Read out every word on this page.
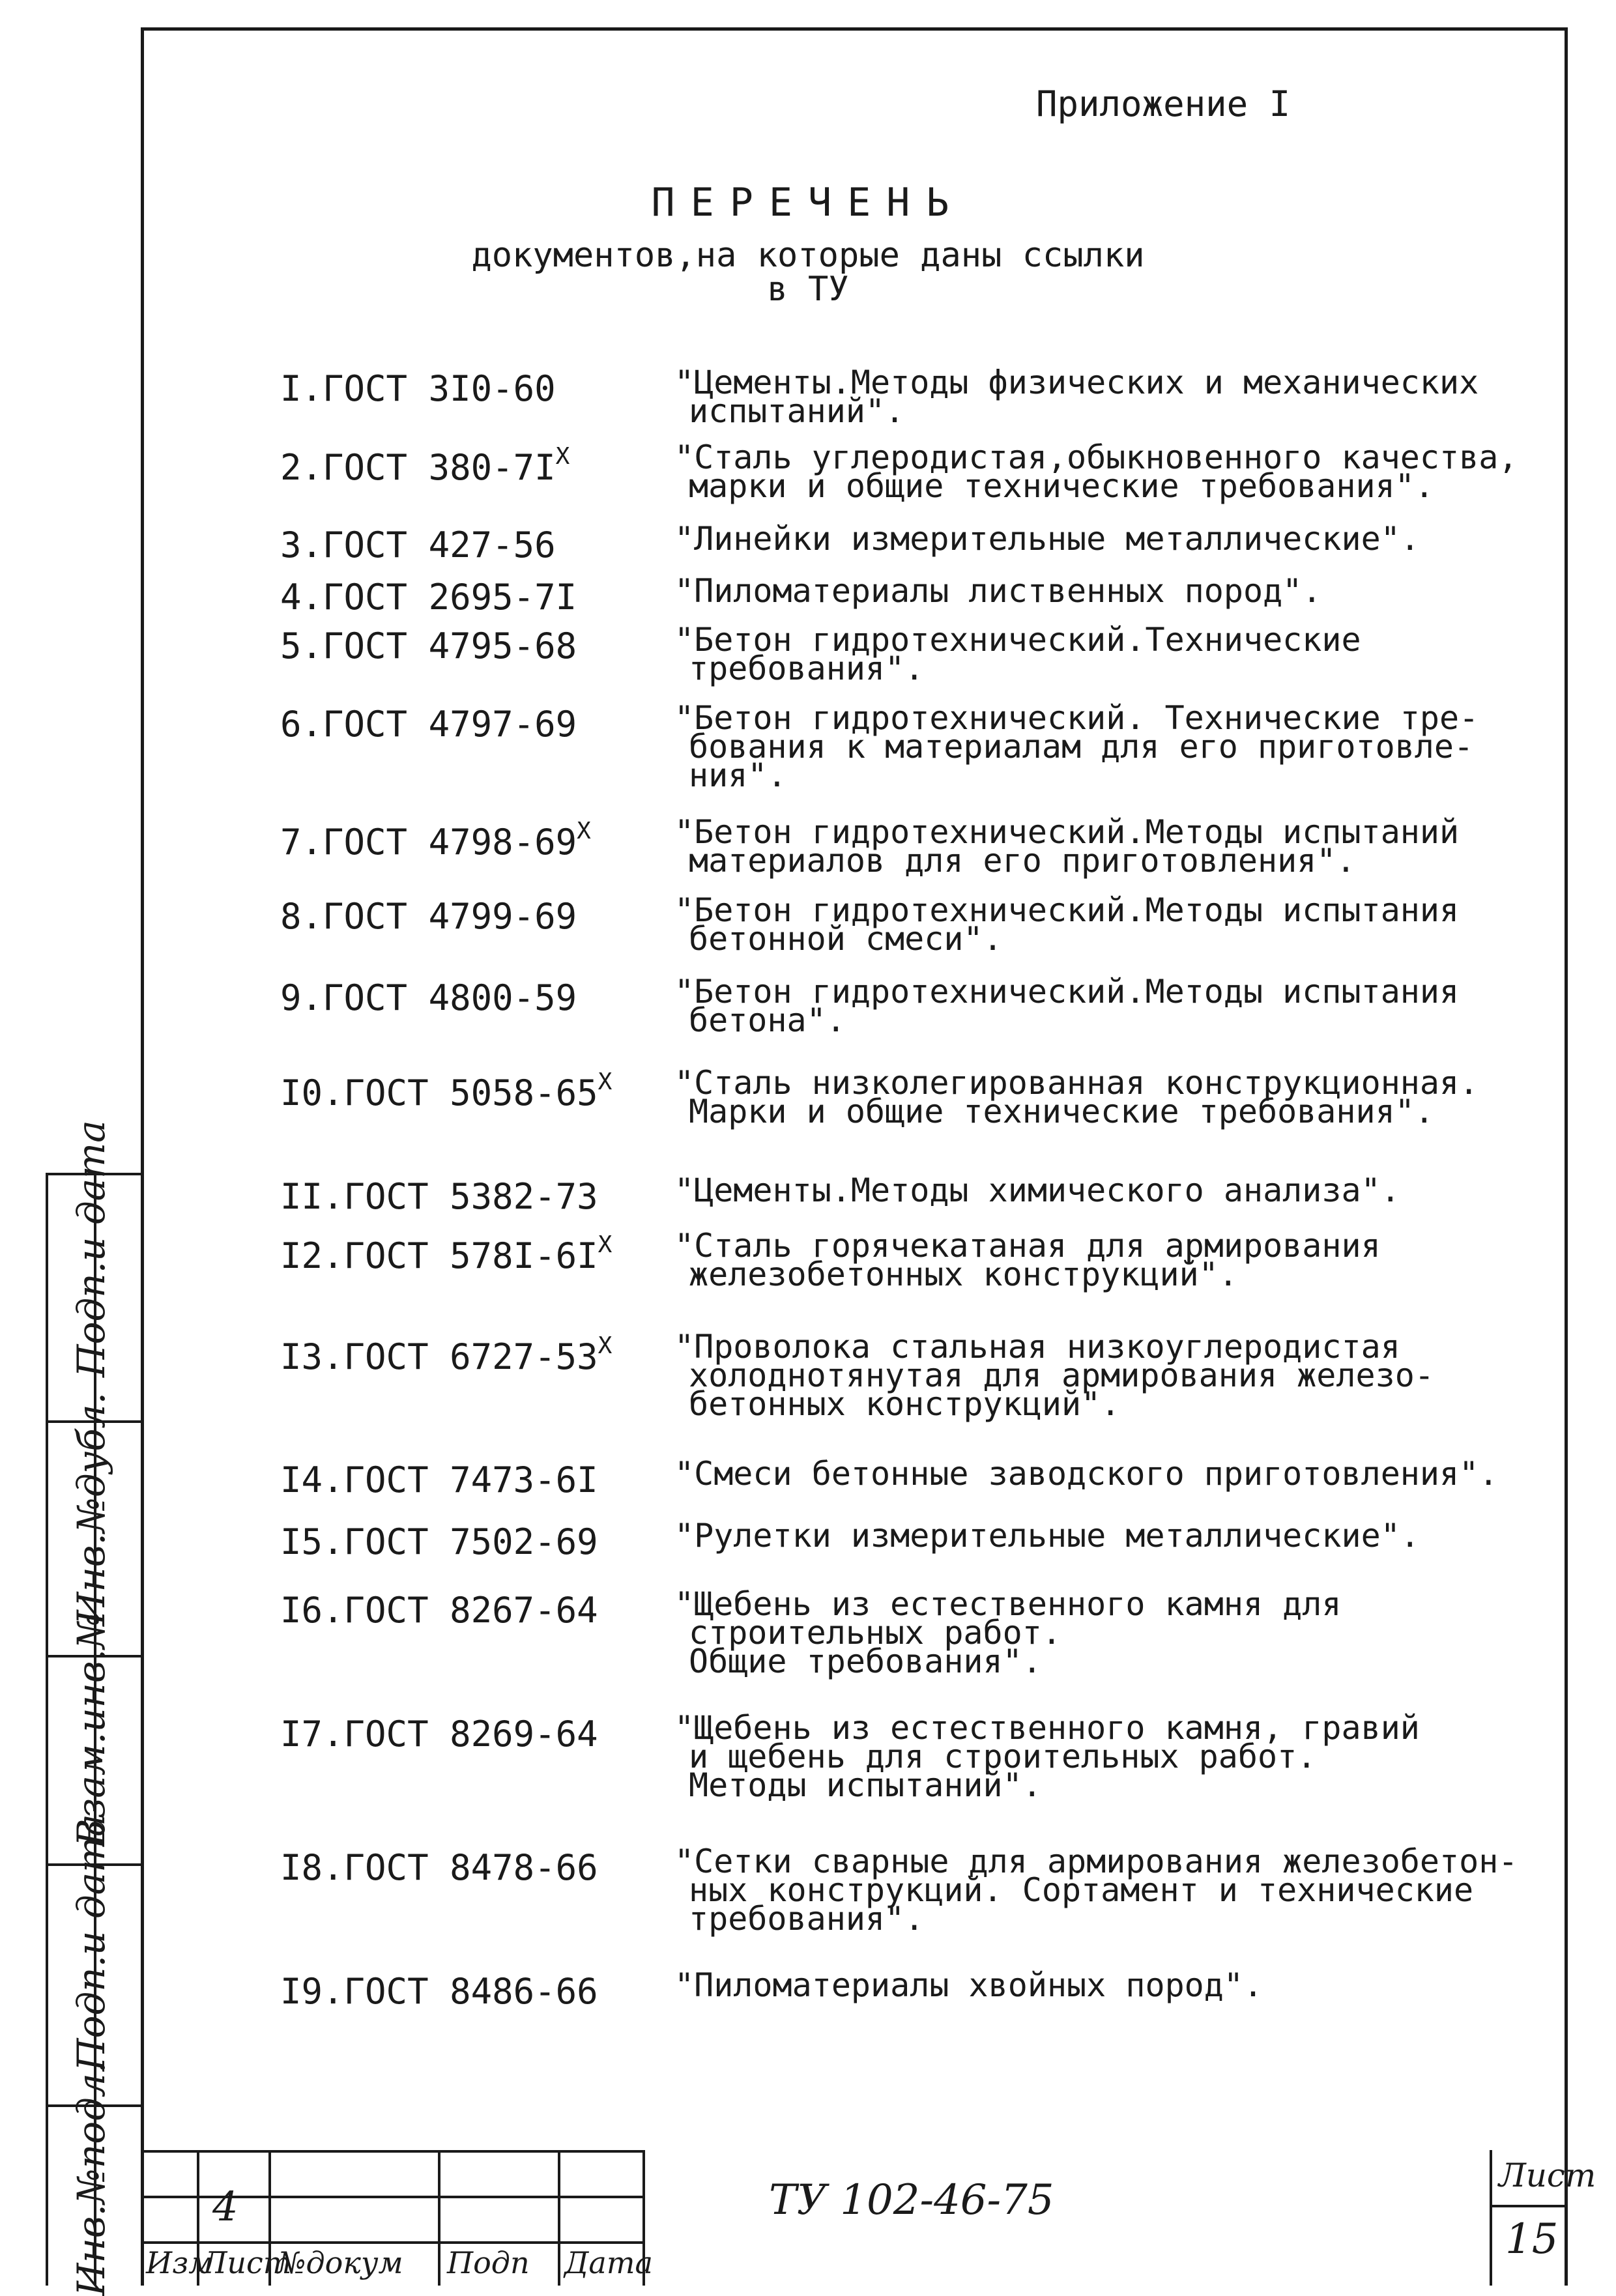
Приложение I
ПЕРЕЧЕНЬ
документов,на которые даны ссылки
в ТУ
I.ГОСТ 3I0-60	"Цементы.Методы физических и механических
испытаний".
2.ГОСТ $380-7I^X$	"Сталь углеродистая,обыкновенного качества,
марки и общие технические требования".
3.ГОСТ 427-56	"Линейки измерительные металлические".
4.ГОСТ 2695-7I	"Пиломатериалы лиственных пород".
5.ГОСТ 4795-68	"Бетон гидротехнический.Технические
требования".
6.ГОСТ 4797-69	"Бетон гидротехнический. Технические тре-
бования к материалам для его приготовле-
ния".
7.ГОСТ $4798-69^X$	"Бетон гидротехнический.Методы испытаний
материалов для его приготовления".
8.ГОСТ 4799-69	"Бетон гидротехнический.Методы испытания
бетонной смеси".
9.ГОСТ 4800-59	"Бетон гидротехнический.Методы испытания
бетона".
I0.ГОСТ $5058-65^X$ "Сталь низколегированная конструкционная.
Марки и общие технические требования".
II.ГОСТ 5382-73 "Цементы.Методы химического анализа".
I2.ГОСТ $578I-6I^X$ "Сталь горячекатаная для армирования
железобетонных конструкций".
I3.ГОСТ $6727-53^X$ "Проволока стальная низкоуглеродистая
холоднотянутая для армирования железо-
бетонных конструкций".
I4.ГОСТ 7473-6I "Смеси бетонные заводского приготовления".
I5.ГОСТ 7502-69 "Рулетки измерительные металлические".
I6.ГОСТ 8267-64 "Щебень из естественного камня для
строительных работ.
Общие требования".
I7.ГОСТ 8269-64 "Щебень из естественного камня, гравий
и щебень для строительных работ.
Методы испытаний".
I8.ГОСТ 8478-66 "Сетки сварные для армирования железобетон-
ных конструкций. Сортамент и технические
требования".
I9.ГОСТ 8486-66 "Пиломатериалы хвойных пород".
Подп.и дата
Инв.№дубл.
Взам.инв.№
Подп.и дата
Инв.№подл. 4
Изм
Лист
№докум Подп Дата
ТУ 102-46-75
Лист
15
